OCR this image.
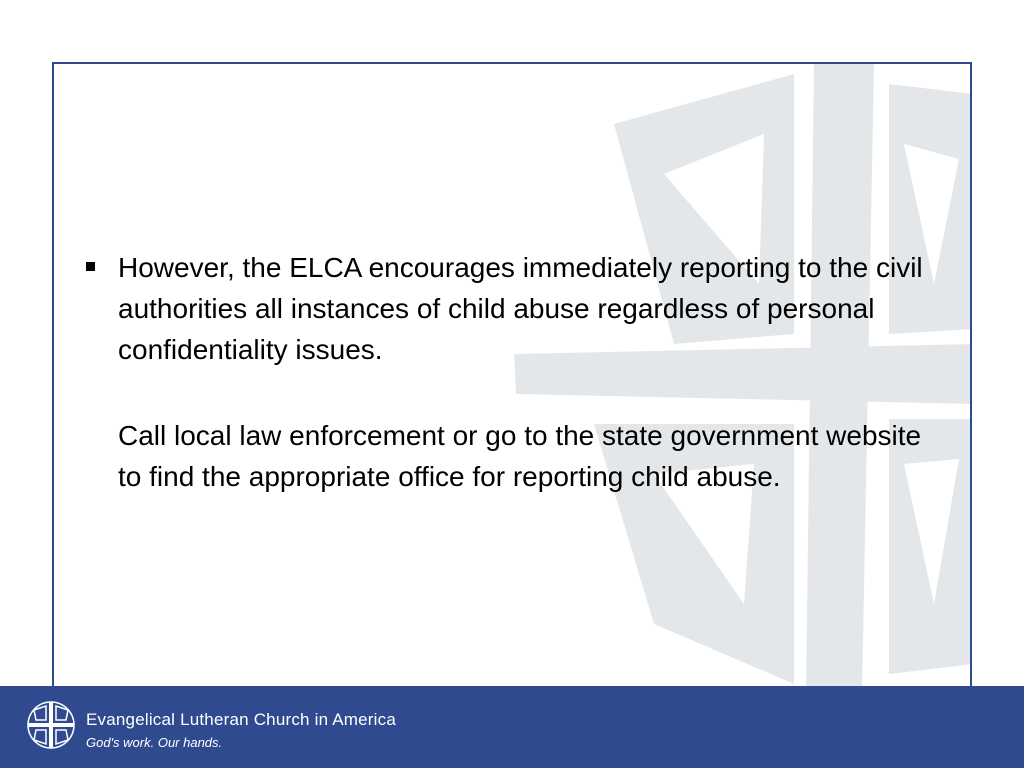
However, the ELCA encourages immediately reporting to the civil authorities all instances of child abuse regardless of personal confidentiality issues.
Call local law enforcement or go to the state government website to find the appropriate office for reporting child abuse.
Evangelical Lutheran Church in America
God's work. Our hands.
